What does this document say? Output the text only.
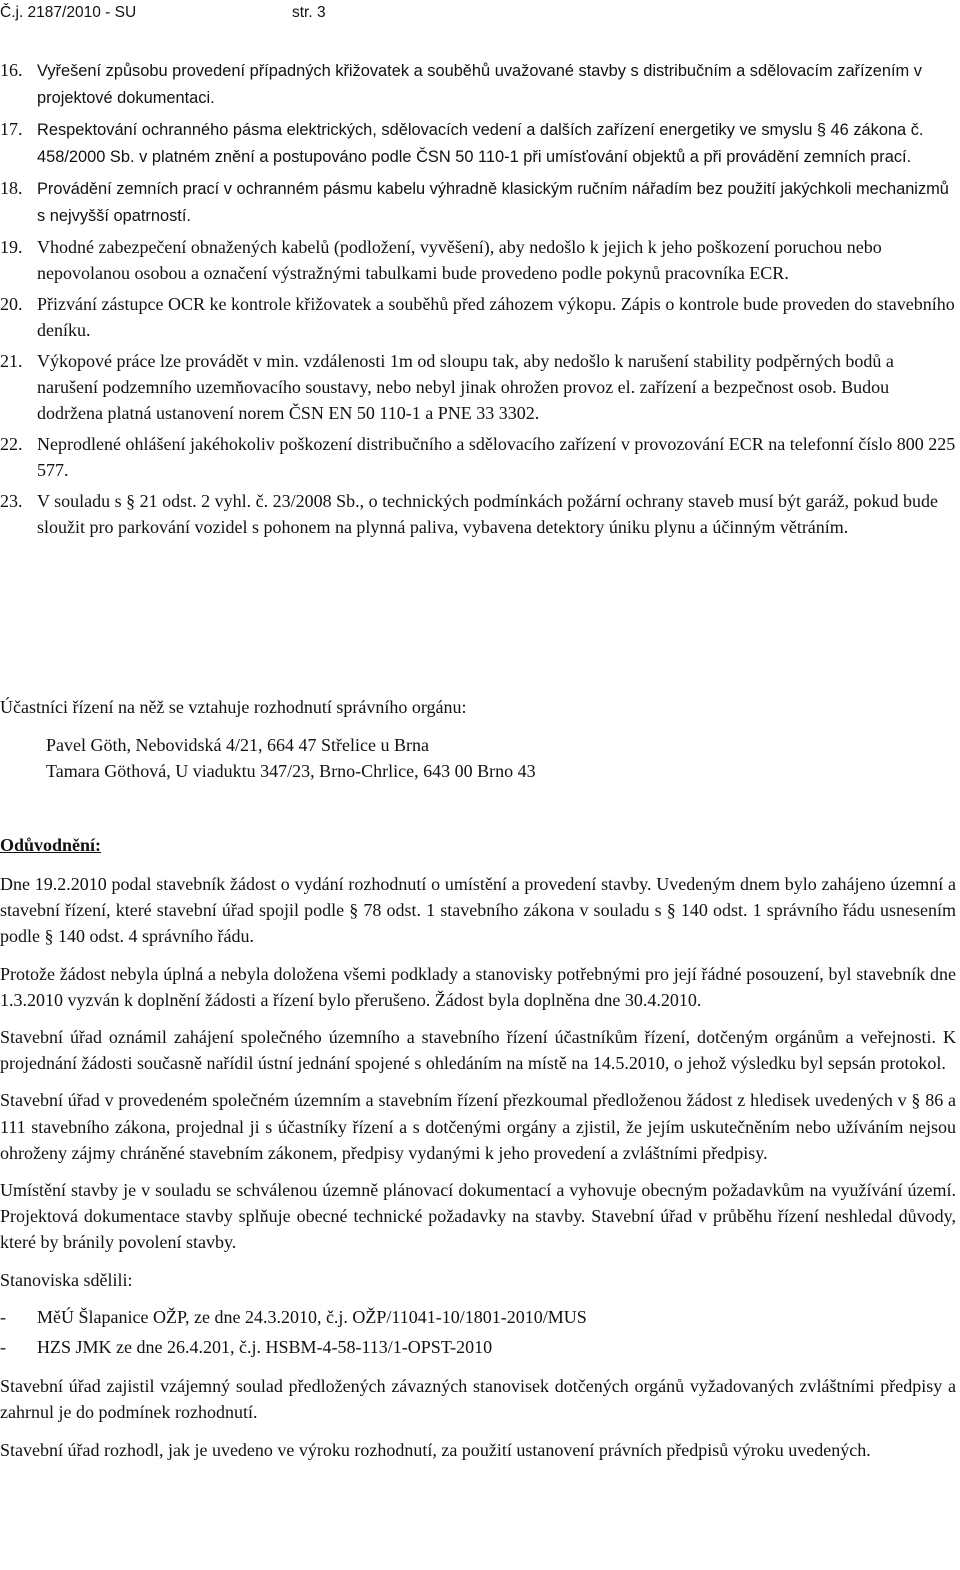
Č.j. 2187/2010 - SU	str. 3
16. Vyřešení způsobu provedení případných křižovatek a souběhů uvažované stavby s distribučním a sdělovacím zařízením v projektové dokumentaci.
17. Respektování ochranného pásma elektrických, sdělovacích vedení a dalších zařízení energetiky ve smyslu § 46 zákona č. 458/2000 Sb. v platném znění a postupováno podle ČSN 50 110-1 při umísťování objektů a při provádění zemních prací.
18. Provádění zemních prací v ochranném pásmu kabelu výhradně klasickým ručním nářadím bez použití jakýchkoli mechanizmů s nejvyšší opatrností.
19. Vhodné zabezpečení obnažených kabelů (podložení, vyvěšení), aby nedošlo k jejich k jeho poškození poruchou nebo nepovolanou osobou a označení výstražnými tabulkami bude provedeno podle pokynů pracovníka ECR.
20. Přizvání zástupce OCR ke kontrole křižovatek a souběhů před záhozem výkopu. Zápis o kontrole bude proveden do stavebního deníku.
21. Výkopové práce lze provádět v min. vzdálenosti 1m od sloupu tak, aby nedošlo k narušení stability podpěrných bodů a narušení podzemního uzemňovacího soustavy, nebo nebyl jinak ohrožen provoz el. zařízení a bezpečnost osob. Budou dodržena platná ustanovení norem ČSN EN 50 110-1 a PNE 33 3302.
22. Neprodlené ohlášení jakéhokoliv poškození distribučního a sdělovacího zařízení v provozování ECR na telefonní číslo 800 225 577.
23. V souladu s § 21 odst. 2 vyhl. č. 23/2008 Sb., o technických podmínkách požární ochrany staveb musí být garáž, pokud bude sloužit pro parkování vozidel s pohonem na plynná paliva, vybavena detektory úniku plynu a účinným větráním.
Účastníci řízení na něž se vztahuje rozhodnutí správního orgánu:
Pavel Göth, Nebovidská 4/21, 664 47 Střelice u Brna
Tamara Göthová, U viaduktu 347/23, Brno-Chrlice, 643 00 Brno 43
Odůvodnění:

Dne 19.2.2010 podal stavebník žádost o vydání rozhodnutí o umístění a provedení stavby. Uvedeným dnem bylo zahájeno územní a stavební řízení, které stavební úřad spojil podle § 78 odst. 1 stavebního zákona v souladu s § 140 odst. 1 správního řádu usnesením podle § 140 odst. 4 správního řádu.

Protože žádost nebyla úplná a nebyla doložena všemi podklady a stanovisky potřebnými pro její řádné posouzení, byl stavebník dne 1.3.2010 vyzván k doplnění žádosti a řízení bylo přerušeno. Žádost byla doplněna dne 30.4.2010.

Stavební úřad oznámil zahájení společného územního a stavebního řízení účastníkům řízení, dotčeným orgánům a veřejnosti. K projednání žádosti současně nařídil ústní jednání spojené s ohledáním na místě na 14.5.2010, o jehož výsledku byl sepsán protokol.

Stavební úřad v provedeném společném územním a stavebním řízení přezkoumal předloženou žádost z hledisek uvedených v § 86 a 111 stavebního zákona, projednal ji s účastníky řízení a s dotčenými orgány a zjistil, že jejím uskutečněním nebo užíváním nejsou ohroženy zájmy chráněné stavebním zákonem, předpisy vydanými k jeho provedení a zvláštními předpisy.

Umístění stavby je v souladu se schválenou územně plánovací dokumentací a vyhovuje obecným požadavkům na využívání území. Projektová dokumentace stavby splňuje obecné technické požadavky na stavby. Stavební úřad v průběhu řízení neshledal důvody, které by bránily povolení stavby.

Stanoviska sdělili:

- MěÚ Šlapanice OŽP, ze dne 24.3.2010, č.j. OŽP/11041-10/1801-2010/MUS
- HZS JMK ze dne 26.4.201, č.j. HSBM-4-58-113/1-OPST-2010

Stavební úřad zajistil vzájemný soulad předložených závazných stanovisek dotčených orgánů vyžadovaných zvláštními předpisy a zahrnul je do podmínek rozhodnutí.

Stavební úřad rozhodl, jak je uvedeno ve výroku rozhodnutí, za použití ustanovení právních předpisů výroku uvedených.
